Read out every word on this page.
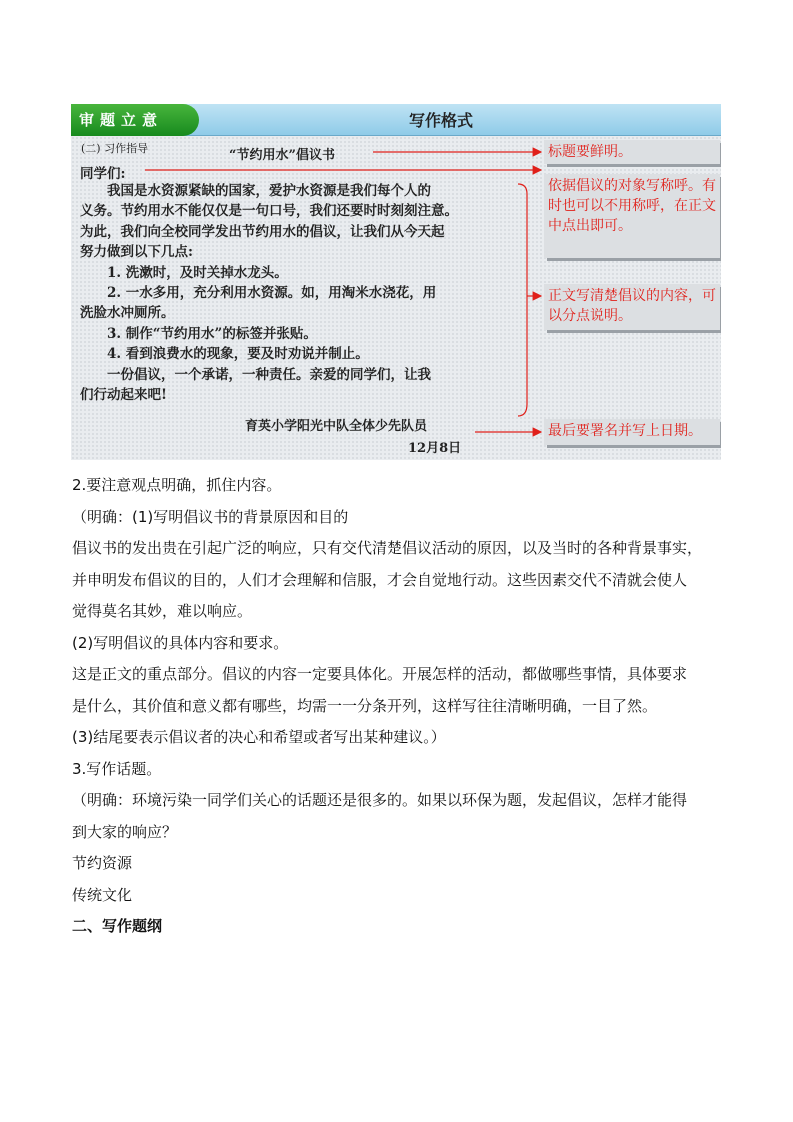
审题立意	写作格式
(二) 习作指导	“节约用水”倡议书
同学们:
　　我国是水资源紧缺的国家，爱护水资源是我们每个人的
义务。节约用水不能仅仅是一句口号，我们还要时时刻刻注意。
为此，我们向全校同学发出节约用水的倡议，让我们从今天起
努力做到以下几点:
　　1. 洗漱时，及时关掉水龙头。
　　2. 一水多用，充分利用水资源。如，用淘米水浇花，用
洗脸水冲厕所。
　　3. 制作“节约用水”的标签并张贴。
　　4. 看到浪费水的现象，要及时劝说并制止。
　　一份倡议，一个承诺，一种责任。亲爱的同学们，让我
们行动起来吧!
育英小学阳光中队全体少先队员
12月8日
标题要鲜明。
依据倡议的对象写称呼。有时也可以不用称呼，在正文中点出即可。
正文写清楚倡议的内容，可以分点说明。
最后要署名并写上日期。

2.要注意观点明确，抓住内容。

（明确：(1)写明倡议书的背景原因和目的

倡议书的发出贵在引起广泛的响应，只有交代清楚倡议活动的原因，以及当时的各种背景事实，

并申明发布倡议的目的，人们才会理解和信服，才会自觉地行动。这些因素交代不清就会使人

觉得莫名其妙，难以响应。

(2)写明倡议的具体内容和要求。

这是正文的重点部分。倡议的内容一定要具体化。开展怎样的活动，都做哪些事情，具体要求

是什么，其价值和意义都有哪些，均需一一分条开列，这样写往往清晰明确，一目了然。

(3)结尾要表示倡议者的决心和希望或者写出某种建议。）

3.写作话题。

（明确：环境污染一同学们关心的话题还是很多的。如果以环保为题，发起倡议，怎样才能得

到大家的响应？

节约资源

传统文化

二、写作题纲
